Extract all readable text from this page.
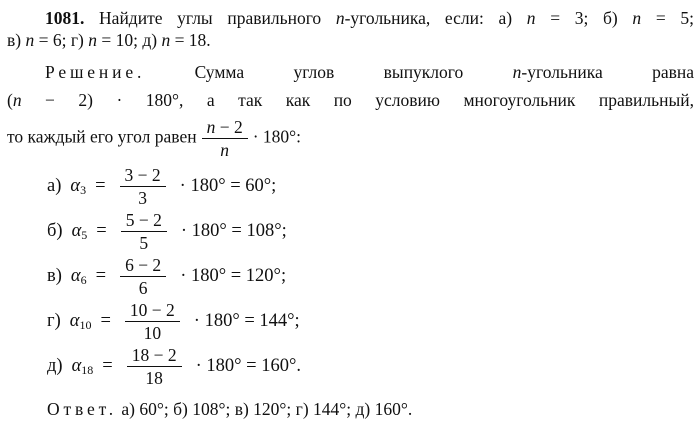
1081. Найдите углы правильного n-угольника, если: а) n = 3; б) n = 5;
в) n = 6; г) n = 10; д) n = 18.
Решение. Сумма углов выпуклого n-угольника равна
(n − 2) · 180°, а так как по условию многоугольник правильный,
то каждый его угол равен $\frac{n - 2}{n} \cdot 180^\circ$:
а) $\alpha_3 = \frac{3 - 2}{3} \cdot 180^\circ = 60^\circ$;
б) $\alpha_5 = \frac{5 - 2}{5} \cdot 180^\circ = 108^\circ$;
в) $\alpha_6 = \frac{6 - 2}{6} \cdot 180^\circ = 120^\circ$;
г) $\alpha_{10} = \frac{10 - 2}{10} \cdot 180^\circ = 144^\circ$;
д) $\alpha_{18} = \frac{18 - 2}{18} \cdot 180^\circ = 160^\circ$.
Ответ. а) 60°; б) 108°; в) 120°; г) 144°; д) 160°.
